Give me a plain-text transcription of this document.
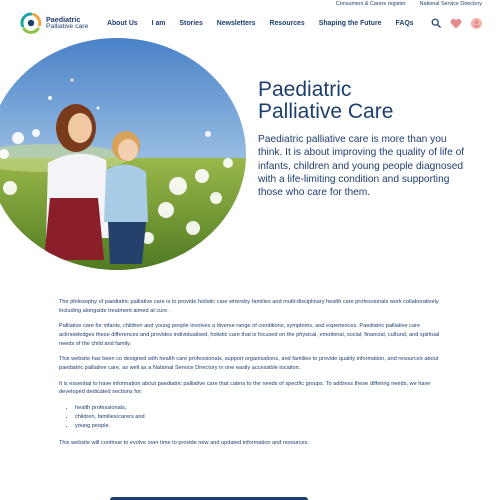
Consumers & Carers register	National Service Directory
Paediatric
Palliative care
About Us I am Stories Newsletters Resources Shaping the Future FAQs
Paediatric
Palliative Care

Paediatric palliative care is more than you think. It is about improving the quality of life of infants, children and young people diagnosed with a life-limiting condition and supporting those who care for them.

The philosophy of paediatric palliative care is to provide holistic care whereby families and multi-disciplinary health care professionals work collaboratively including alongside treatment aimed at cure.

Palliative care for infants, children and young people involves a diverse range of conditions, symptoms, and experiences. Paediatric palliative care acknowledges these differences and provides individualised, holistic care that is focused on the physical, emotional, social, financial, cultural, and spiritual needs of the child and family.

This website has been co designed with health care professionals, support organisations, and families to provide quality information, and resources about paediatric palliative care, as well as a National Service Directory in one easily accessible location.

It is essential to have information about paediatric palliative care that caters to the needs of specific groups. To address these differing needs, we have developed dedicated sections for:

• health professionals,
• children, families/carers and
• young people.

This website will continue to evolve over time to provide new and updated information and resources.
